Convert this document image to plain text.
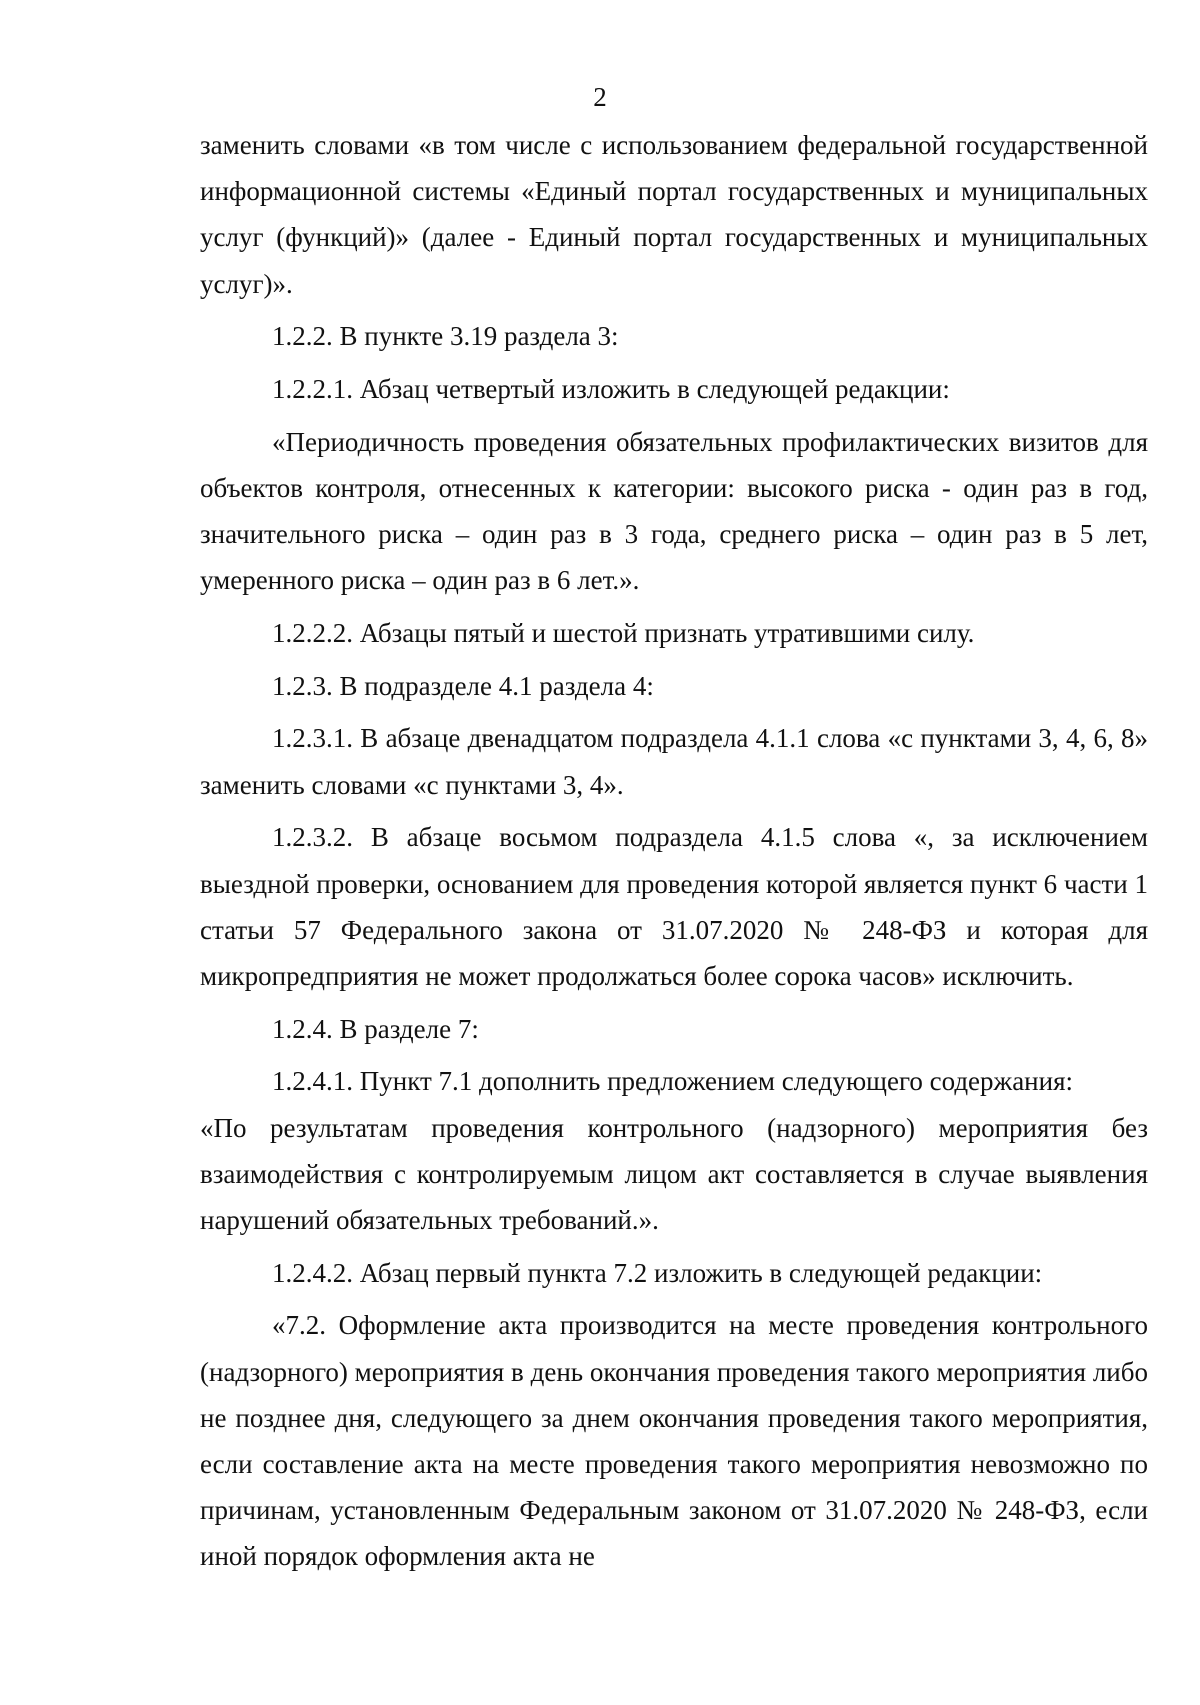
2

заменить словами «в том числе с использованием федеральной государственной информационной системы «Единый портал государственных и муниципальных услуг (функций)» (далее - Единый портал государственных и муниципальных услуг)».

1.2.2. В пункте 3.19 раздела 3:

1.2.2.1. Абзац четвертый изложить в следующей редакции:

«Периодичность проведения обязательных профилактических визитов для объектов контроля, отнесенных к категории: высокого риска - один раз в год, значительного риска – один раз в 3 года, среднего риска – один раз в 5 лет, умеренного риска – один раз в 6 лет.».

1.2.2.2. Абзацы пятый и шестой признать утратившими силу.

1.2.3. В подразделе 4.1 раздела 4:

1.2.3.1. В абзаце двенадцатом подраздела 4.1.1 слова «с пунктами 3, 4, 6, 8» заменить словами «с пунктами 3, 4».

1.2.3.2. В абзаце восьмом подраздела 4.1.5 слова «, за исключением выездной проверки, основанием для проведения которой является пункт 6 части 1 статьи 57 Федерального закона от 31.07.2020 № 248-ФЗ и которая для микропредприятия не может продолжаться более сорока часов» исключить.

1.2.4. В разделе 7:

1.2.4.1. Пункт 7.1 дополнить предложением следующего содержания:

«По результатам проведения контрольного (надзорного) мероприятия без взаимодействия с контролируемым лицом акт составляется в случае выявления нарушений обязательных требований.».

1.2.4.2. Абзац первый пункта 7.2 изложить в следующей редакции:

«7.2. Оформление акта производится на месте проведения контрольного (надзорного) мероприятия в день окончания проведения такого мероприятия либо не позднее дня, следующего за днем окончания проведения такого мероприятия, если составление акта на месте проведения такого мероприятия невозможно по причинам, установленным Федеральным законом от 31.07.2020 № 248-ФЗ, если иной порядок оформления акта не
